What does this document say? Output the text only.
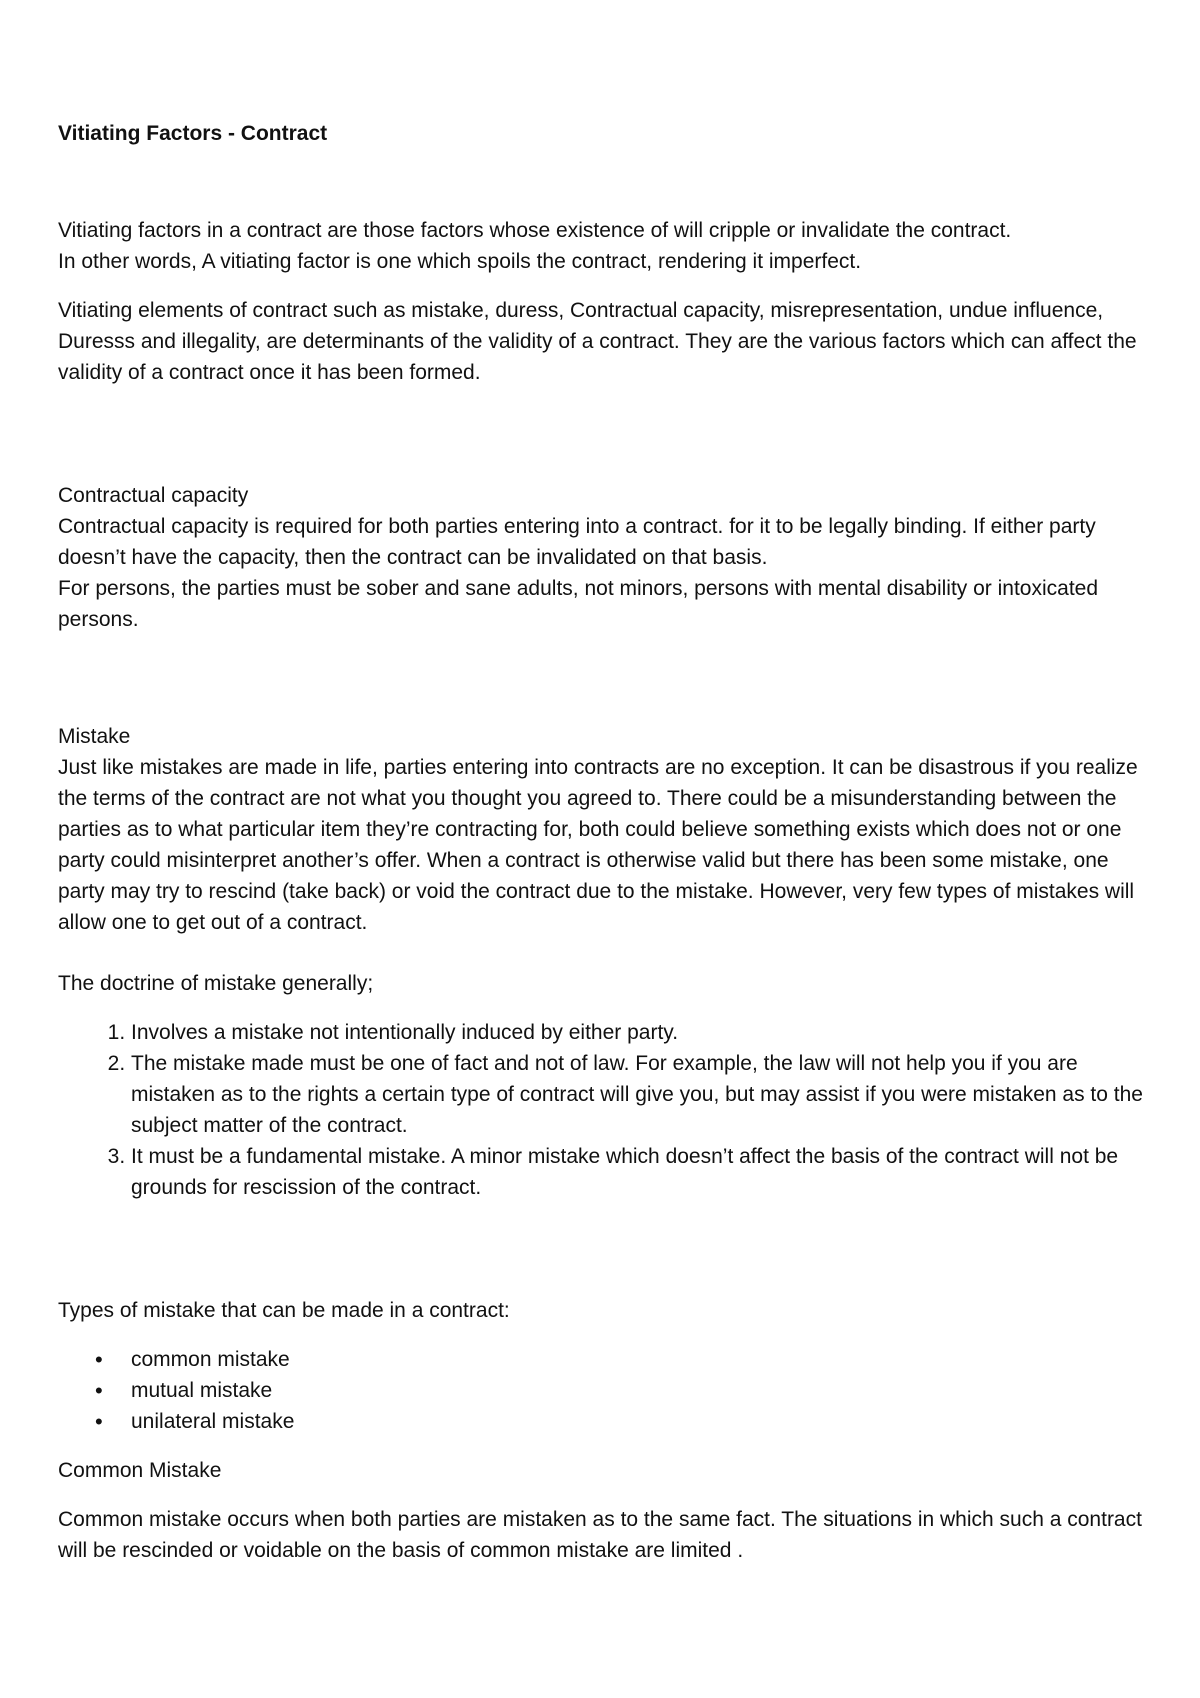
Vitiating Factors - Contract

Vitiating factors in a contract are those factors whose existence of will cripple or invalidate the contract.

In other words, A vitiating factor is one which spoils the contract, rendering it imperfect.

Vitiating elements of contract such as mistake, duress, Contractual capacity, misrepresentation, undue influence, Duresss and illegality, are determinants of the validity of a contract. They are the various factors which can affect the validity of a contract once it has been formed.

Contractual capacity

Contractual capacity is required for both parties entering into a contract. for it to be legally binding. If either party doesn’t have the capacity, then the contract can be invalidated on that basis.

For persons, the parties must be sober and sane adults, not minors, persons with mental disability or intoxicated persons.

Mistake

Just like mistakes are made in life, parties entering into contracts are no exception. It can be disastrous if you realize the terms of the contract are not what you thought you agreed to. There could be a misunderstanding between the parties as to what particular item they’re contracting for, both could believe something exists which does not or one party could misinterpret another’s offer. When a contract is otherwise valid but there has been some mistake, one party may try to rescind (take back) or void the contract due to the mistake. However, very few types of mistakes will allow one to get out of a contract.

The doctrine of mistake generally;

1. Involves a mistake not intentionally induced by either party.
2. The mistake made must be one of fact and not of law. For example, the law will not help you if you are mistaken as to the rights a certain type of contract will give you, but may assist if you were mistaken as to the subject matter of the contract.
3. It must be a fundamental mistake. A minor mistake which doesn’t affect the basis of the contract will not be grounds for rescission of the contract.

Types of mistake that can be made in a contract:

• common mistake
• mutual mistake
• unilateral mistake

Common Mistake

Common mistake occurs when both parties are mistaken as to the same fact. The situations in which such a contract will be rescinded or voidable on the basis of common mistake are limited .
